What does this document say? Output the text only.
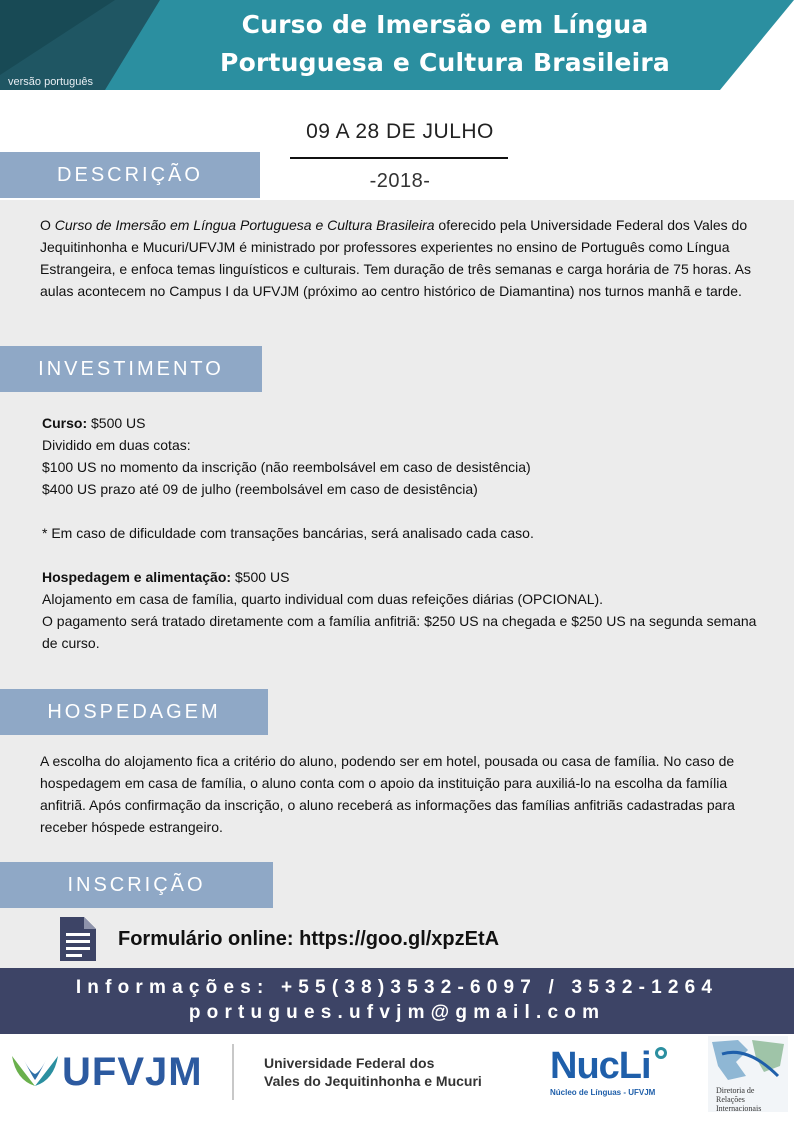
Curso de Imersão em Língua
Portuguesa e Cultura Brasileira
versão português
09 A 28 DE JULHO
DESCRIÇÃO	-2018-
O Curso de Imersão em Língua Portuguesa e Cultura Brasileira oferecido pela Universidade Federal dos Vales do Jequitinhonha e Mucuri/UFVJM é ministrado por professores experientes no ensino de Português como Língua Estrangeira, e enfoca temas linguísticos e culturais. Tem duração de três semanas e carga horária de 75 horas. As aulas acontecem no Campus I da UFVJM (próximo ao centro histórico de Diamantina) nos turnos manhã e tarde.
INVESTIMENTO
Curso: $500 US
Dividido em duas cotas:
$100 US no momento da inscrição (não reembolsável em caso de desistência)
$400 US prazo até 09 de julho (reembolsável em caso de desistência)
* Em caso de dificuldade com transações bancárias, será analisado cada caso.
Hospedagem e alimentação: $500 US
Alojamento em casa de família, quarto individual com duas refeições diárias (OPCIONAL).
O pagamento será tratado diretamente com a família anfitriã: $250 US na chegada e $250 US na segunda semana de curso.
HOSPEDAGEM
A escolha do alojamento fica a critério do aluno, podendo ser em hotel, pousada ou casa de família. No caso de hospedagem em casa de família, o aluno conta com o apoio da instituição para auxiliá-lo na escolha da família anfitriã. Após confirmação da inscrição, o aluno receberá as informações das famílias anfitriãs cadastradas para receber hóspede estrangeiro.
INSCRIÇÃO
Formulário online: https://goo.gl/xpzEtA
Informações: +55(38)3532-6097 / 3532-1264
portugues.ufvjm@gmail.com
UFVJM	Universidade Federal dos
Vales do Jequitinhonha e Mucuri NucLi
Núcleo de Línguas - UFVJM	Diretoria de
Relações
Internacionais
